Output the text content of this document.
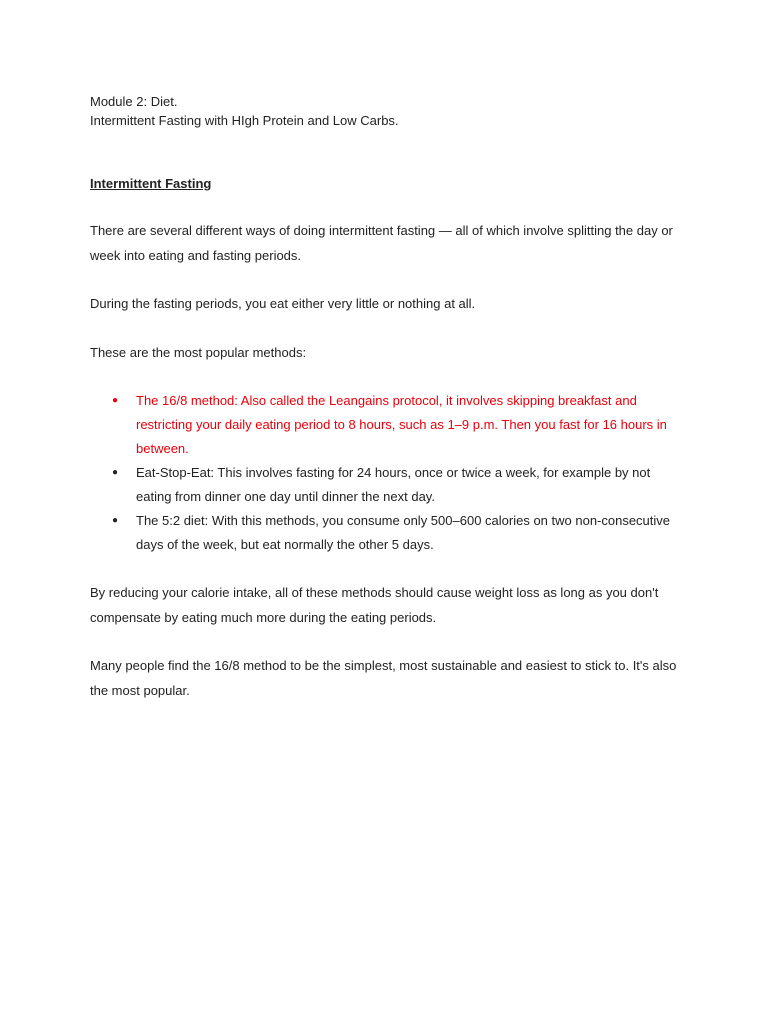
Module 2: Diet.

Intermittent Fasting with HIgh Protein and Low Carbs.

Intermittent Fasting

There are several different ways of doing intermittent fasting — all of which involve splitting the day or week into eating and fasting periods.

During the fasting periods, you eat either very little or nothing at all.

These are the most popular methods:

● The 16/8 method: Also called the Leangains protocol, it involves skipping breakfast and restricting your daily eating period to 8 hours, such as 1–9 p.m. Then you fast for 16 hours in between.
● Eat-Stop-Eat: This involves fasting for 24 hours, once or twice a week, for example by not eating from dinner one day until dinner the next day.
● The 5:2 diet: With this methods, you consume only 500–600 calories on two non-consecutive days of the week, but eat normally the other 5 days.

By reducing your calorie intake, all of these methods should cause weight loss as long as you don't compensate by eating much more during the eating periods.

Many people find the 16/8 method to be the simplest, most sustainable and easiest to stick to. It's also the most popular.
